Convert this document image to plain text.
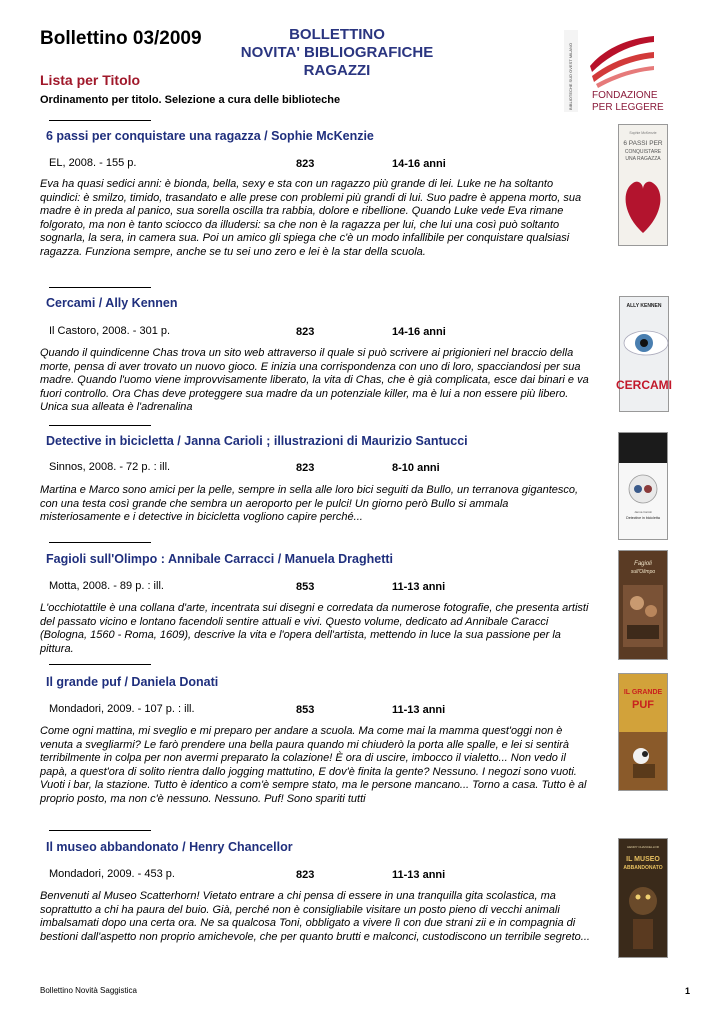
Bollettino 03/2009	BOLLETTINO
NOVITA' BIBLIOGRAFICHE
RAGAZZI
Lista per Titolo
Ordinamento per titolo. Selezione a cura delle biblioteche	BIBLIOTECHE SUD OVEST MILANO FONDAZIONE
PER LEGGERE
6 passi per conquistare una ragazza / Sophie McKenzie
EL, 2008. - 155 p.	823	14-16 anni
Eva ha quasi sedici anni: è bionda, bella, sexy e sta con un ragazzo più grande di lei. Luke ne ha soltanto quindici: è smilzo, timido, trasandato e alle prese con problemi più grandi di lui. Suo padre è appena morto, sua madre è in preda al panico, sua sorella oscilla tra rabbia, dolore e ribellione. Quando Luke vede Eva rimane folgorato, ma non è tanto sciocco da illudersi: sa che non è la ragazza per lui, che lui una così può soltanto sognarla, la sera, in camera sua. Poi un amico gli spiega che c'è un modo infallibile per conquistare qualsiasi ragazza. Funziona sempre, anche se tu sei uno zero e lei è la star della scuola.
Sophie McKenzie
6 PASSI PER
CONQUISTARE
UNA RAGAZZA
Cercami / Ally Kennen
Il Castoro, 2008. - 301 p.	823	14-16 anni
Quando il quindicenne Chas trova un sito web attraverso il quale si può scrivere ai prigionieri nel braccio della morte, pensa di aver trovato un nuovo gioco. E inizia una corrispondenza con uno di loro, spacciandosi per sua madre. Quando l'uomo viene improvvisamente liberato, la vita di Chas, che è già complicata, esce dai binari e va fuori controllo. Ora Chas deve proteggere sua madre da un potenziale killer, ma è lui a non essere più libero. Unica sua alleata è l'adrenalina
ALLY KENNEN
CERCAMI
Detective in bicicletta / Janna Carioli ; illustrazioni di Maurizio Santucci
Sinnos, 2008. - 72 p. : ill.	823	8-10 anni
Martina e Marco sono amici per la pelle, sempre in sella alle loro bici seguiti da Bullo, un terranova gigantesco, con una testa così grande che sembra un aeroporto per le pulci! Un giorno però Bullo si ammala misteriosamente e i detective in bicicletta vogliono capire perché...	Janna Carioli
Detective in bicicletta
Fagioli sull'Olimpo : Annibale Carracci / Manuela Draghetti
Motta, 2008. - 89 p. : ill.	853	11-13 anni
L'occhiotattile è una collana d'arte, incentrata sui disegni e corredata da numerose fotografie, che presenta artisti del passato vicino e lontano facendoli sentire attuali e vivi. Questo volume, dedicato ad Annibale Caracci (Bologna, 1560 - Roma, 1609), descrive la vita e l'opera dell'artista, mettendo in luce la sua passione per la pittura.
Fagioli
sull'Olimpo
Il grande puf / Daniela Donati
Mondadori, 2009. - 107 p. : ill.	853	11-13 anni
Come ogni mattina, mi sveglio e mi preparo per andare a scuola. Ma come mai la mamma quest'oggi non è venuta a svegliarmi? Le farò prendere una bella paura quando mi chiuderò la porta alle spalle, e lei si sentirà terribilmente in colpa per non avermi preparato la colazione! È ora di uscire, imbocco il vialetto... Non vedo il papà, a quest'ora di solito rientra dallo jogging mattutino, E dov'è finita la gente? Nessuno. I negozi sono vuoti. Vuoti i bar, la stazione. Tutto è identico a com'è sempre stato, ma le persone mancano... Torno a casa. Tutto è al proprio posto, ma non c'è nessuno. Nessuno. Puf! Sono spariti tutti
IL GRANDE
PUF
Il museo abbandonato / Henry Chancellor
Mondadori, 2009. - 453 p.	823	11-13 anni
Benvenuti al Museo Scatterhorn! Vietato entrare a chi pensa di essere in una tranquilla gita scolastica, ma soprattutto a chi ha paura del buio. Già, perché non è consigliabile visitare un posto pieno di vecchi animali imbalsamati dopo una certa ora. Ne sa qualcosa Toni, obbligato a vivere lì con due strani zii e in compagnia di bestioni dall'aspetto non proprio amichevole, che per quanto brutti e malconci, custodiscono un terribile segreto...
HENRY CHANCELLOR
IL MUSEO
ABBANDONATO
Bollettino Novità Saggistica	1
